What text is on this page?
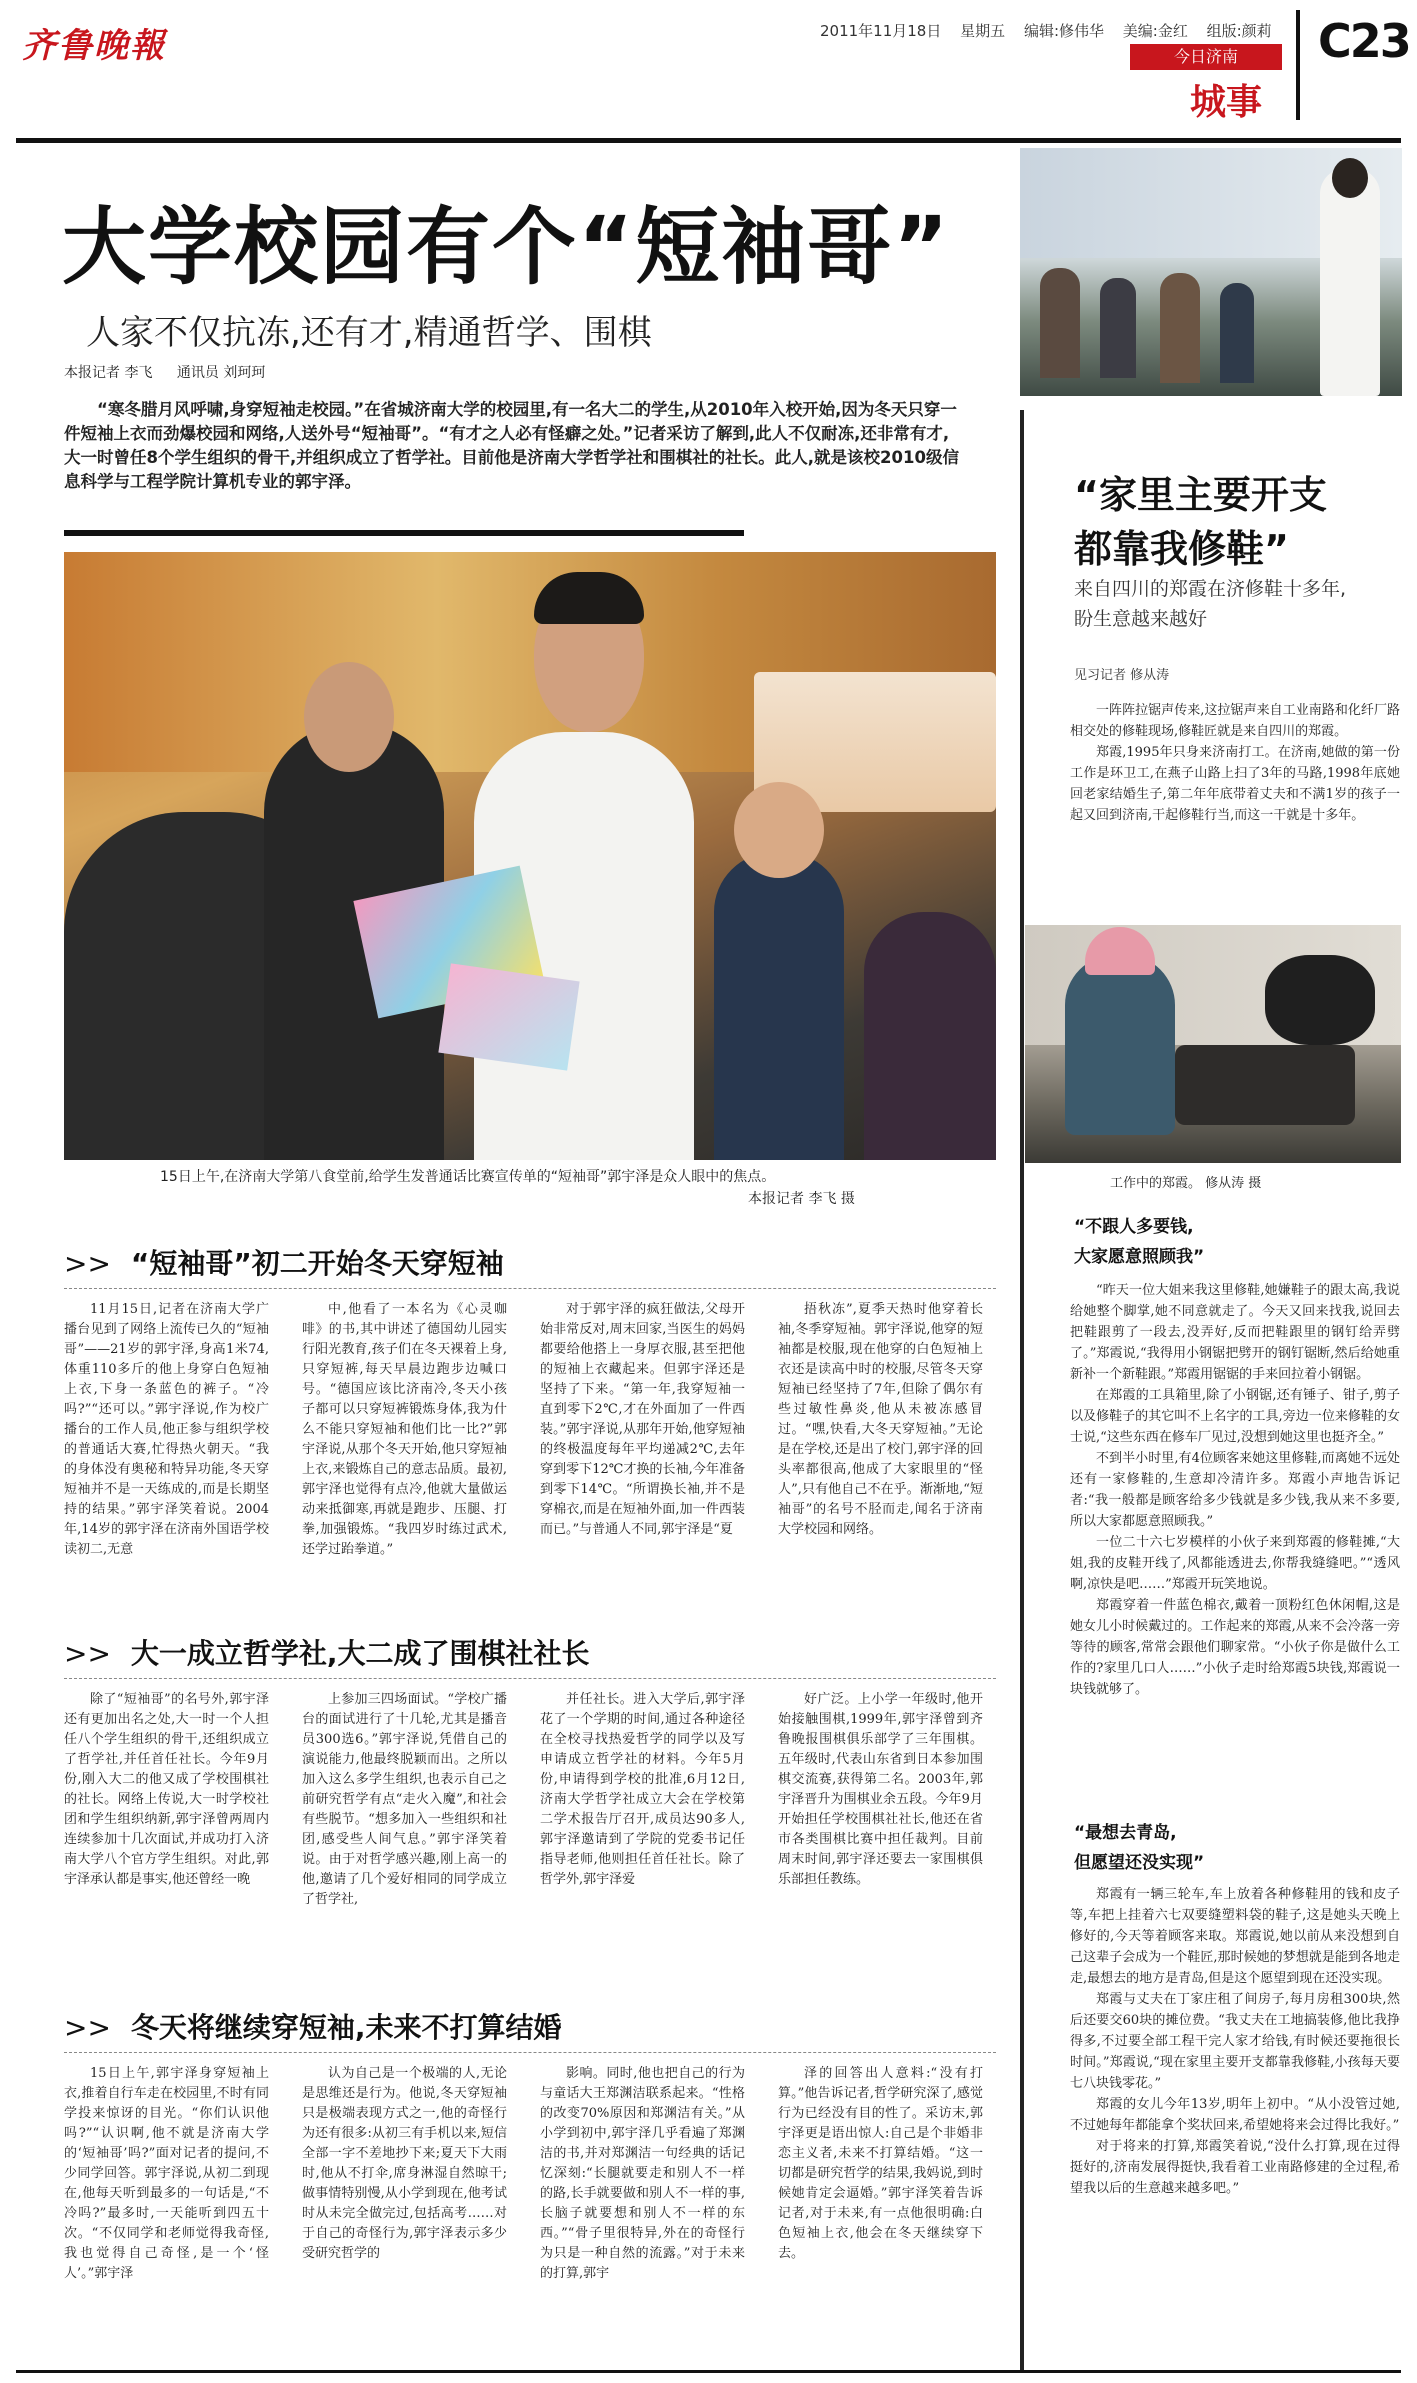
齐鲁晚報	2011年11月18日 星期五 编辑:修伟华 美编:金红 组版:颜莉
今日济南
城事
C23
大学校园有个“短袖哥”
人家不仅抗冻,还有才,精通哲学、围棋
本报记者 李飞 通讯员 刘珂珂
“寒冬腊月风呼啸,身穿短袖走校园。”在省城济南大学的校园里,有一名大二的学生,从2010年入校开始,因为冬天只穿一件短袖上衣而劲爆校园和网络,人送外号“短袖哥”。“有才之人必有怪癖之处。”记者采访了解到,此人不仅耐冻,还非常有才,大一时曾任8个学生组织的骨干,并组织成立了哲学社。目前他是济南大学哲学社和围棋社的社长。此人,就是该校2010级信息科学与工程学院计算机专业的郭宇泽。
15日上午,在济南大学第八食堂前,给学生发普通话比赛宣传单的“短袖哥”郭宇泽是众人眼中的焦点。
本报记者 李飞 摄
>> “短袖哥”初二开始冬天穿短袖

11月15日,记者在济南大学广播台见到了网络上流传已久的“短袖哥”——21岁的郭宇泽,身高1米74,体重110多斤的他上身穿白色短袖上衣,下身一条蓝色的裤子。“冷吗?”“还可以。”郭宇泽说,作为校广播台的工作人员,他正参与组织学校的普通话大赛,忙得热火朝天。“我的身体没有奥秘和特异功能,冬天穿短袖并不是一天练成的,而是长期坚持的结果。”郭宇泽笑着说。2004年,14岁的郭宇泽在济南外国语学校读初二,无意

中,他看了一本名为《心灵咖啡》的书,其中讲述了德国幼儿园实行阳光教育,孩子们在冬天裸着上身,只穿短裤,每天早晨边跑步边喊口号。“德国应该比济南冷,冬天小孩子都可以只穿短裤锻炼身体,我为什么不能只穿短袖和他们比一比?”郭宇泽说,从那个冬天开始,他只穿短袖上衣,来锻炼自己的意志品质。最初,郭宇泽也觉得有点冷,他就大量做运动来抵御寒,再就是跑步、压腿、打拳,加强锻炼。“我四岁时练过武术,还学过跆拳道。”

对于郭宇泽的疯狂做法,父母开始非常反对,周末回家,当医生的妈妈都要给他搭上一身厚衣服,甚至把他的短袖上衣藏起来。但郭宇泽还是坚持了下来。“第一年,我穿短袖一直到零下2℃,才在外面加了一件西装。”郭宇泽说,从那年开始,他穿短袖的终极温度每年平均递减2℃,去年穿到零下12℃才换的长袖,今年准备到零下14℃。“所谓换长袖,并不是穿棉衣,而是在短袖外面,加一件西装而已。”与普通人不同,郭宇泽是“夏

捂秋冻”,夏季天热时他穿着长袖,冬季穿短袖。郭宇泽说,他穿的短袖都是校服,现在他穿的白色短袖上衣还是读高中时的校服,尽管冬天穿短袖已经坚持了7年,但除了偶尔有些过敏性鼻炎,他从未被冻感冒过。“嘿,快看,大冬天穿短袖。”无论是在学校,还是出了校门,郭宇泽的回头率都很高,他成了大家眼里的“怪人”,只有他自己不在乎。渐渐地,“短袖哥”的名号不胫而走,闻名于济南大学校园和网络。

>> 大一成立哲学社,大二成了围棋社社长

除了“短袖哥”的名号外,郭宇泽还有更加出名之处,大一时一个人担任八个学生组织的骨干,还组织成立了哲学社,并任首任社长。今年9月份,刚入大二的他又成了学校围棋社的社长。网络上传说,大一时学校社团和学生组织纳新,郭宇泽曾两周内连续参加十几次面试,并成功打入济南大学八个官方学生组织。对此,郭宇泽承认都是事实,他还曾经一晚

上参加三四场面试。“学校广播台的面试进行了十几轮,尤其是播音员300选6。”郭宇泽说,凭借自己的演说能力,他最终脱颖而出。之所以加入这么多学生组织,也表示自己之前研究哲学有点“走火入魔”,和社会有些脱节。“想多加入一些组织和社团,感受些人间气息。”郭宇泽笑着说。由于对哲学感兴趣,刚上高一的他,邀请了几个爱好相同的同学成立了哲学社,

并任社长。进入大学后,郭宇泽花了一个学期的时间,通过各种途径在全校寻找热爱哲学的同学以及写申请成立哲学社的材料。今年5月份,申请得到学校的批准,6月12日,济南大学哲学社成立大会在学校第二学术报告厅召开,成员达90多人,郭宇泽邀请到了学院的党委书记任指导老师,他则担任首任社长。除了哲学外,郭宇泽爱

好广泛。上小学一年级时,他开始接触围棋,1999年,郭宇泽曾到齐鲁晚报围棋俱乐部学了三年围棋。五年级时,代表山东省到日本参加围棋交流赛,获得第二名。2003年,郭宇泽晋升为围棋业余五段。今年9月开始担任学校围棋社社长,他还在省市各类围棋比赛中担任裁判。目前周末时间,郭宇泽还要去一家围棋俱乐部担任教练。

>> 冬天将继续穿短袖,未来不打算结婚

15日上午,郭宇泽身穿短袖上衣,推着自行车走在校园里,不时有同学投来惊讶的目光。“你们认识他吗?”“认识啊,他不就是济南大学的‘短袖哥’吗?”面对记者的提问,不少同学回答。郭宇泽说,从初二到现在,他每天听到最多的一句话是,“不冷吗?”最多时,一天能听到四五十次。“不仅同学和老师觉得我奇怪,我也觉得自己奇怪,是一个‘怪人’。”郭宇泽

认为自己是一个极端的人,无论是思维还是行为。他说,冬天穿短袖只是极端表现方式之一,他的奇怪行为还有很多:从初三有手机以来,短信全部一字不差地抄下来;夏天下大雨时,他从不打伞,席身淋湿自然晾干;做事情特别慢,从小学到现在,他考试时从未完全做完过,包括高考……对于自己的奇怪行为,郭宇泽表示多少受研究哲学的

影响。同时,他也把自己的行为与童话大王郑渊洁联系起来。“性格的改变70%原因和郑渊洁有关。”从小学到初中,郭宇泽几乎看遍了郑渊洁的书,并对郑渊洁一句经典的话记忆深刻:“长腿就要走和别人不一样的路,长手就要做和别人不一样的事,长脑子就要想和别人不一样的东西。”“骨子里很特异,外在的奇怪行为只是一种自然的流露。”对于未来的打算,郭宇

泽的回答出人意料:“没有打算。”他告诉记者,哲学研究深了,感觉行为已经没有目的性了。采访末,郭宇泽更是语出惊人:自己是个非婚非恋主义者,未来不打算结婚。“这一切都是研究哲学的结果,我妈说,到时候她肯定会逼婚。”郭宇泽笑着告诉记者,对于未来,有一点他很明确:白色短袖上衣,他会在冬天继续穿下去。

“家里主要开支
都靠我修鞋”
来自四川的郑霞在济修鞋十多年,
盼生意越来越好
见习记者 修从涛

一阵阵拉锯声传来,这拉锯声来自工业南路和化纤厂路相交处的修鞋现场,修鞋匠就是来自四川的郑霞。

郑霞,1995年只身来济南打工。在济南,她做的第一份工作是环卫工,在燕子山路上扫了3年的马路,1998年底她回老家结婚生子,第二年年底带着丈夫和不满1岁的孩子一起又回到济南,干起修鞋行当,而这一干就是十多年。

工作中的郑霞。 修从涛 摄
“不跟人多要钱,
大家愿意照顾我”

“昨天一位大姐来我这里修鞋,她嫌鞋子的跟太高,我说给她整个脚掌,她不同意就走了。今天又回来找我,说回去把鞋跟剪了一段去,没弄好,反而把鞋跟里的钢钉给弄劈了。”郑霞说,“我得用小钢锯把劈开的钢钉锯断,然后给她重新补一个新鞋跟。”郑霞用锯锯的手来回拉着小钢锯。

在郑霞的工具箱里,除了小钢锯,还有锤子、钳子,剪子以及修鞋子的其它叫不上名字的工具,旁边一位来修鞋的女士说,“这些东西在修车厂见过,没想到她这里也挺齐全。”

不到半小时里,有4位顾客来她这里修鞋,而离她不远处还有一家修鞋的,生意却冷清许多。郑霞小声地告诉记者:“我一般都是顾客给多少钱就是多少钱,我从来不多要,所以大家都愿意照顾我。”

一位二十六七岁模样的小伙子来到郑霞的修鞋摊,“大姐,我的皮鞋开线了,风都能透进去,你帮我缝缝吧。”“透风啊,凉快是吧……”郑霞开玩笑地说。

郑霞穿着一件蓝色棉衣,戴着一顶粉红色休闲帽,这是她女儿小时候戴过的。工作起来的郑霞,从来不会冷落一旁等待的顾客,常常会跟他们聊家常。“小伙子你是做什么工作的?家里几口人……”小伙子走时给郑霞5块钱,郑霞说一块钱就够了。

“最想去青岛,
但愿望还没实现”

郑霞有一辆三轮车,车上放着各种修鞋用的钱和皮子等,车把上挂着六七双要缝塑料袋的鞋子,这是她头天晚上修好的,今天等着顾客来取。郑霞说,她以前从来没想到自己这辈子会成为一个鞋匠,那时候她的梦想就是能到各地走走,最想去的地方是青岛,但是这个愿望到现在还没实现。

郑霞与丈夫在丁家庄租了间房子,每月房租300块,然后还要交60块的摊位费。“我丈夫在工地搞装修,他比我挣得多,不过要全部工程干完人家才给钱,有时候还要拖很长时间。”郑霞说,“现在家里主要开支都靠我修鞋,小孩每天要七八块钱零花。”

郑霞的女儿今年13岁,明年上初中。“从小没管过她,不过她每年都能拿个奖状回来,希望她将来会过得比我好。”

对于将来的打算,郑霞笑着说,“没什么打算,现在过得挺好的,济南发展得挺快,我看着工业南路修建的全过程,希望我以后的生意越来越多吧。”
